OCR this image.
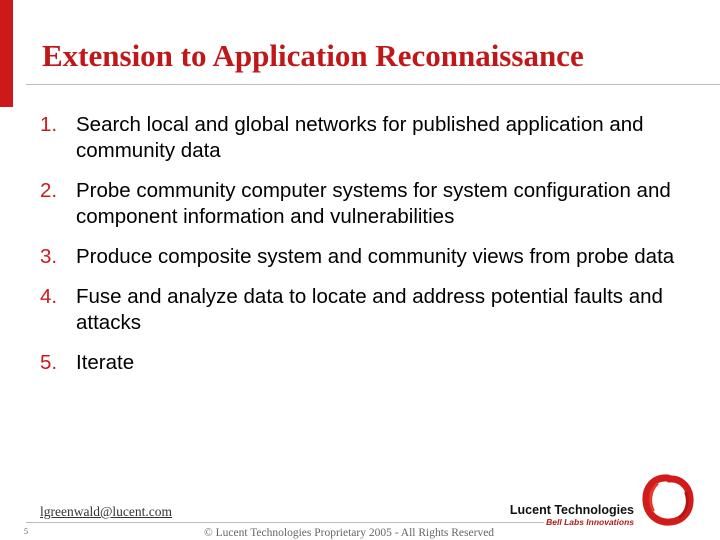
Extension to Application Reconnaissance
1. Search local and global networks for published application and community data
2. Probe community computer systems for system configuration and component information and vulnerabilities
3. Produce composite system and community views from probe data
4. Fuse and analyze data to locate and address potential faults and attacks
5. Iterate
lgreenwald@lucent.com
5	© Lucent Technologies Proprietary 2005 - All Rights Reserved
Lucent Technologies
Bell Labs Innovations
